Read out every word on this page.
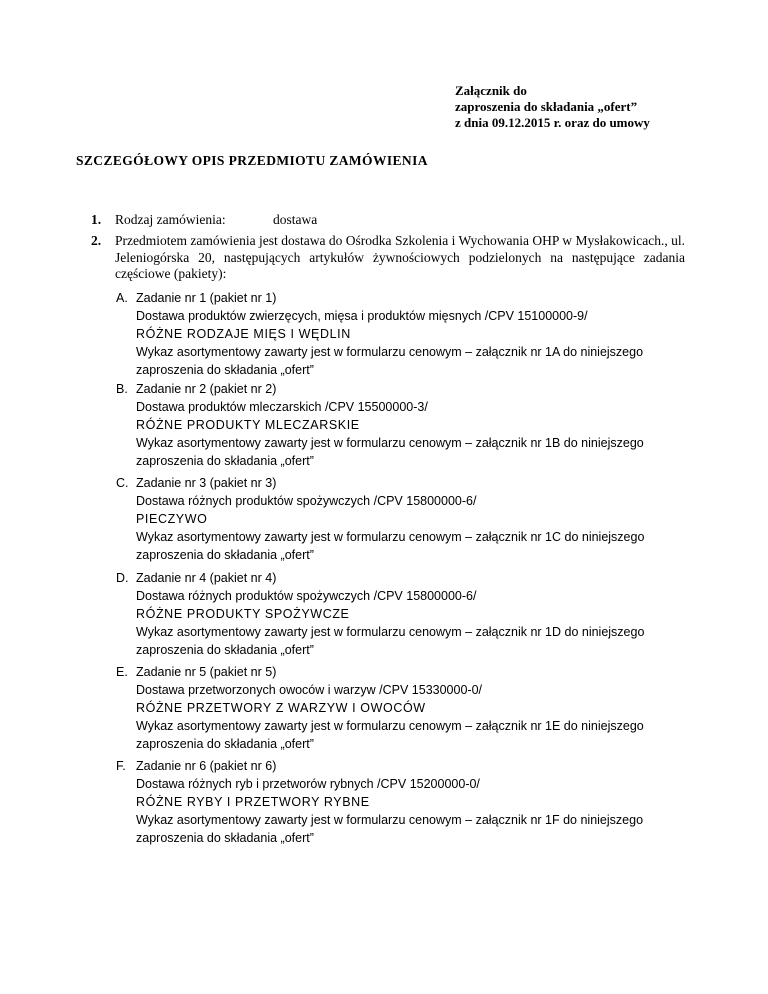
Załącznik do
zaproszenia do składania „ofert”
z dnia 09.12.2015 r. oraz do umowy
SZCZEGÓŁOWY OPIS PRZEDMIOTU ZAMÓWIENIA
1. Rodzaj zamówienia:	dostawa
2. Przedmiotem zamówienia jest dostawa do Ośrodka Szkolenia i Wychowania OHP w Mysłakowicach., ul. Jeleniogórska 20, następujących artykułów żywnościowych podzielonych na następujące zadania częściowe (pakiety):
A. Zadanie nr 1 (pakiet nr 1)
Dostawa produktów zwierzęcych, mięsa i produktów mięsnych /CPV 15100000-9/
RÓŻNE RODZAJE MIĘS I WĘDLIN
Wykaz asortymentowy zawarty jest w formularzu cenowym – załącznik nr 1A do niniejszego
zaproszenia do składania „ofert”
B. Zadanie nr 2 (pakiet nr 2)
Dostawa produktów mleczarskich /CPV 15500000-3/
RÓŻNE PRODUKTY MLECZARSKIE
Wykaz asortymentowy zawarty jest w formularzu cenowym – załącznik nr 1B do niniejszego
zaproszenia do składania „ofert”
C. Zadanie nr 3 (pakiet nr 3)
Dostawa różnych produktów spożywczych /CPV 15800000-6/
PIECZYWO
Wykaz asortymentowy zawarty jest w formularzu cenowym – załącznik nr 1C do niniejszego
zaproszenia do składania „ofert”
D. Zadanie nr 4 (pakiet nr 4)
Dostawa różnych produktów spożywczych /CPV 15800000-6/
RÓŻNE PRODUKTY SPOŻYWCZE
Wykaz asortymentowy zawarty jest w formularzu cenowym – załącznik nr 1D do niniejszego
zaproszenia do składania „ofert”
E. Zadanie nr 5 (pakiet nr 5)
Dostawa przetworzonych owoców i warzyw /CPV 15330000-0/
RÓŻNE PRZETWORY Z WARZYW I OWOCÓW
Wykaz asortymentowy zawarty jest w formularzu cenowym – załącznik nr 1E do niniejszego
zaproszenia do składania „ofert”
F. Zadanie nr 6 (pakiet nr 6)
Dostawa różnych ryb i przetworów rybnych /CPV 15200000-0/
RÓŻNE RYBY I PRZETWORY RYBNE
Wykaz asortymentowy zawarty jest w formularzu cenowym – załącznik nr 1F do niniejszego
zaproszenia do składania „ofert”
